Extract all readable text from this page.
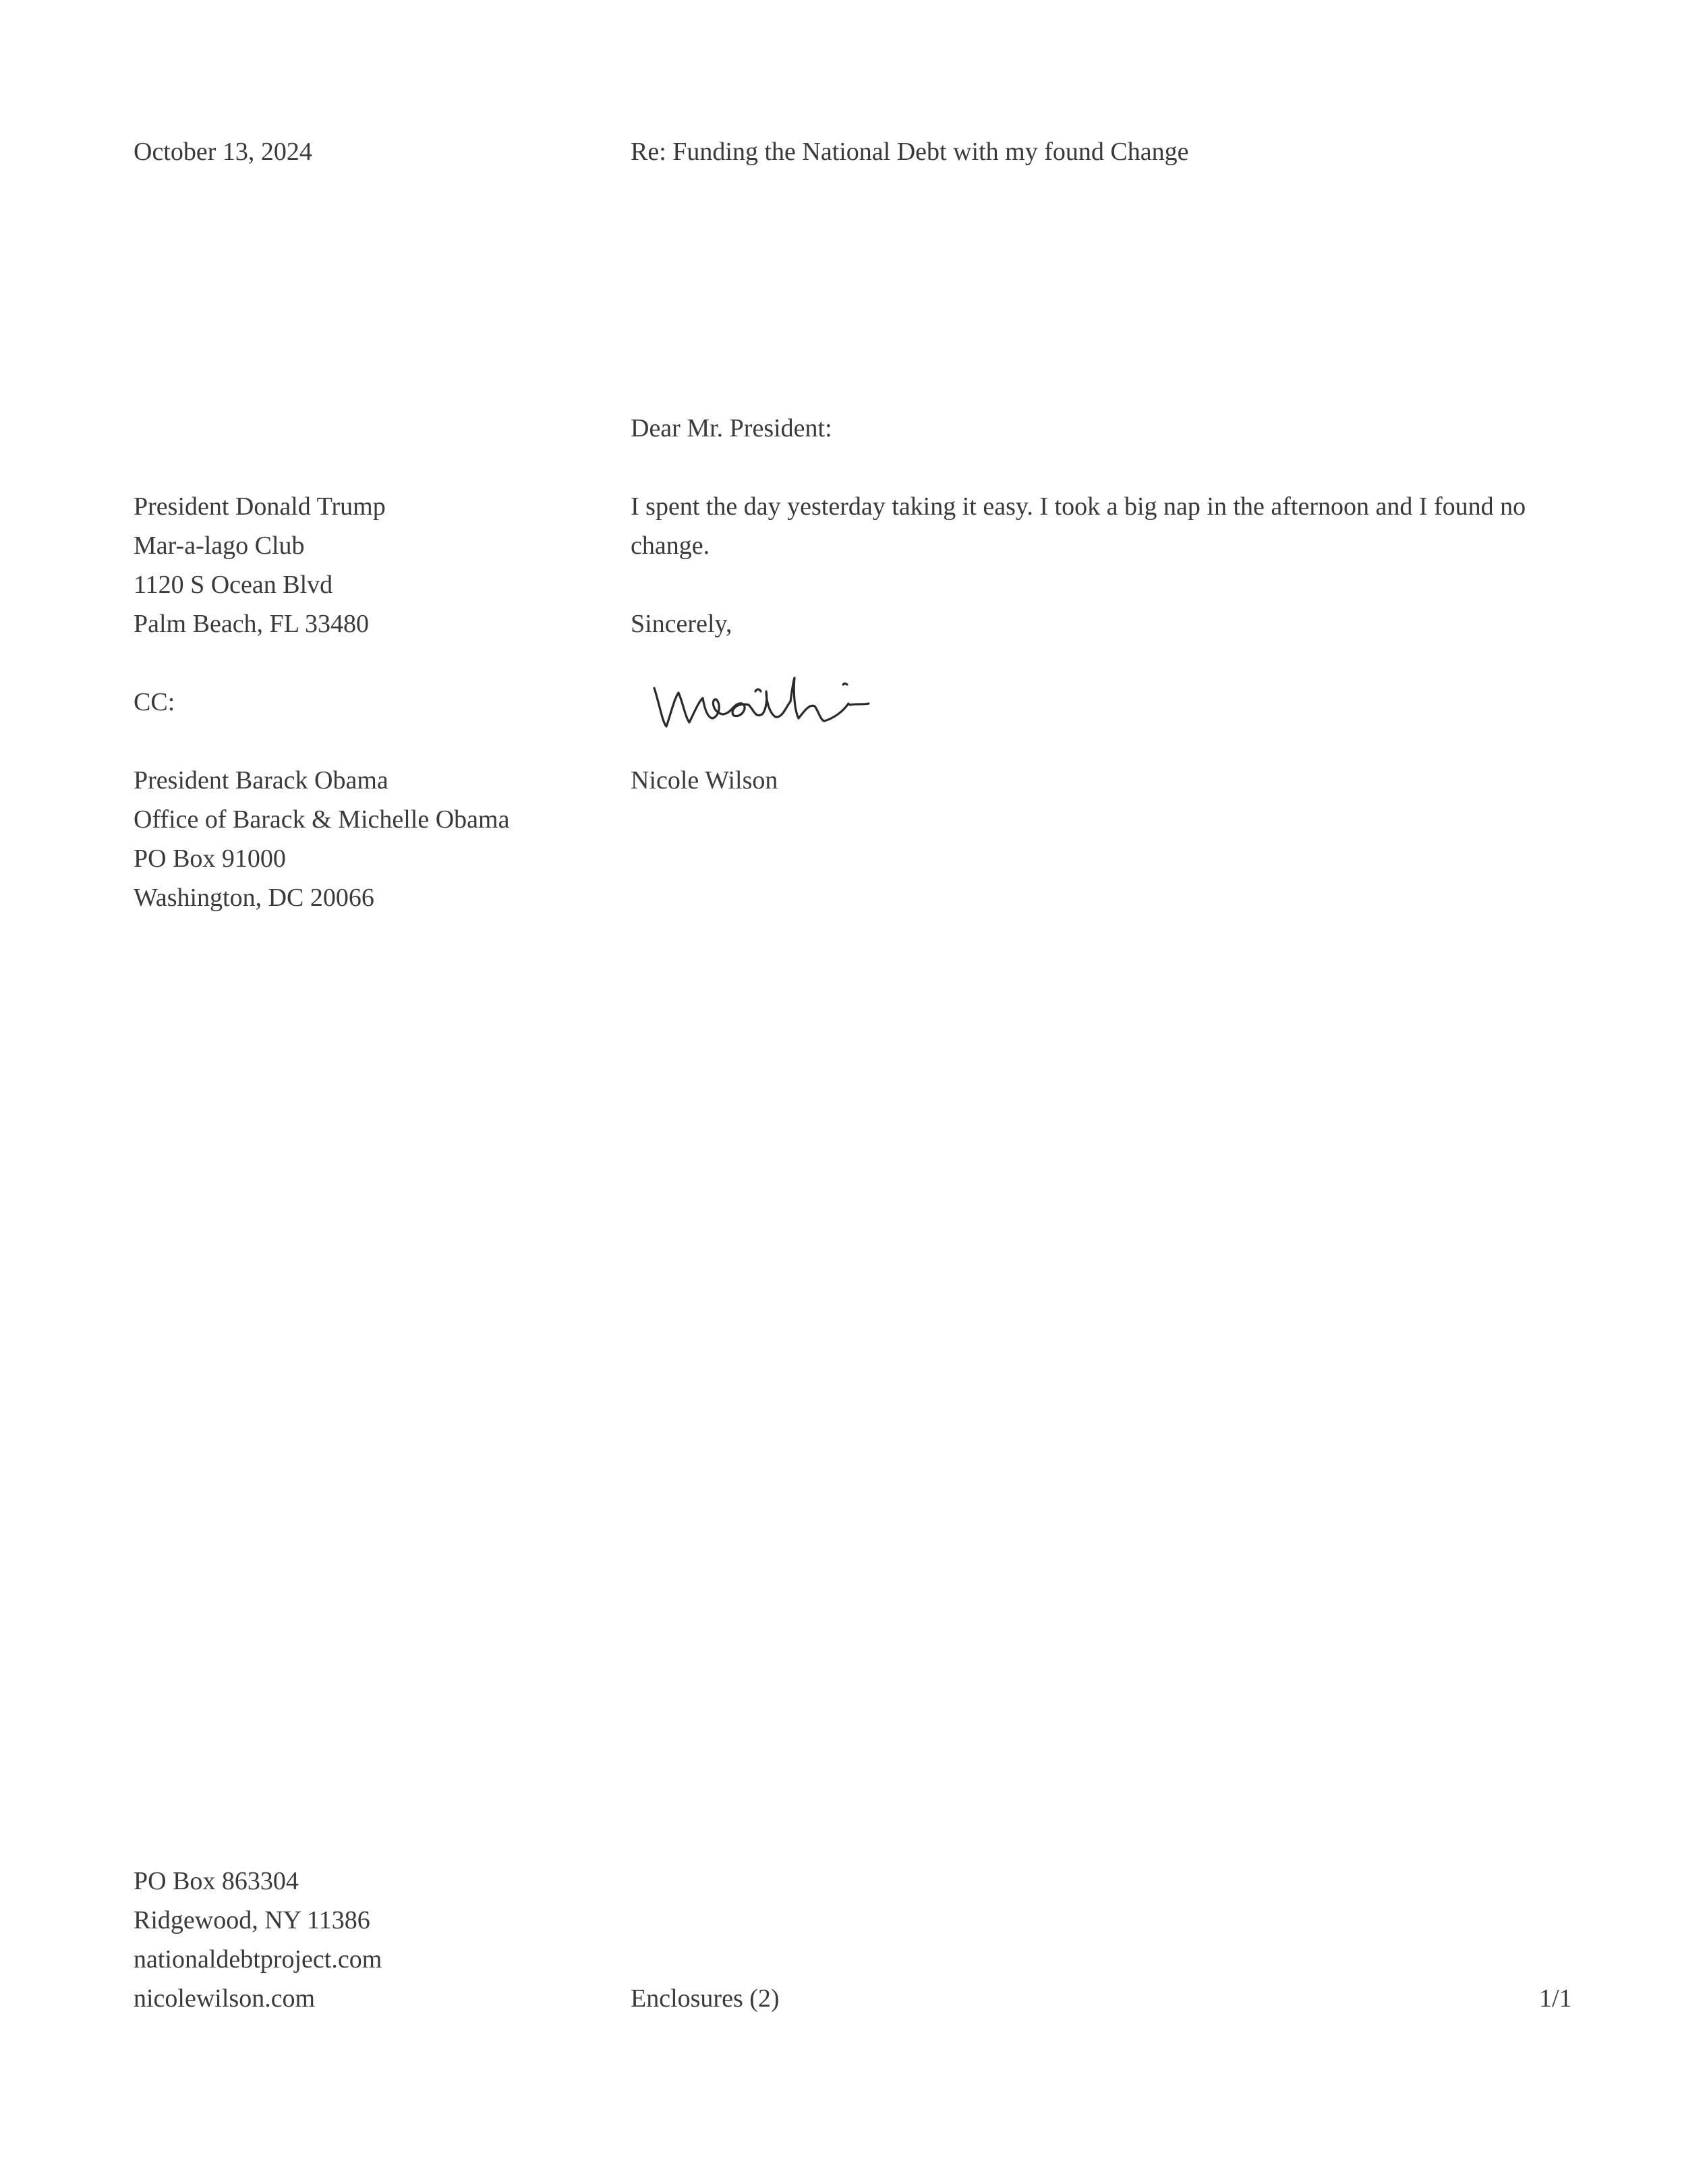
October 13, 2024	Re: Funding the National Debt with my found Change
Dear Mr. President:
President Donald Trump
Mar-a-lago Club
1120 S Ocean Blvd
Palm Beach, FL 33480
I spent the day yesterday taking it easy. I took a big nap in the afternoon and I found no change.
Sincerely,
CC:
President Barack Obama
Office of Barack & Michelle Obama
PO Box 91000
Washington, DC 20066
Nicole Wilson
PO Box 863304
Ridgewood, NY 11386
nationaldebtproject.com
nicolewilson.com	Enclosures (2)	1/1
